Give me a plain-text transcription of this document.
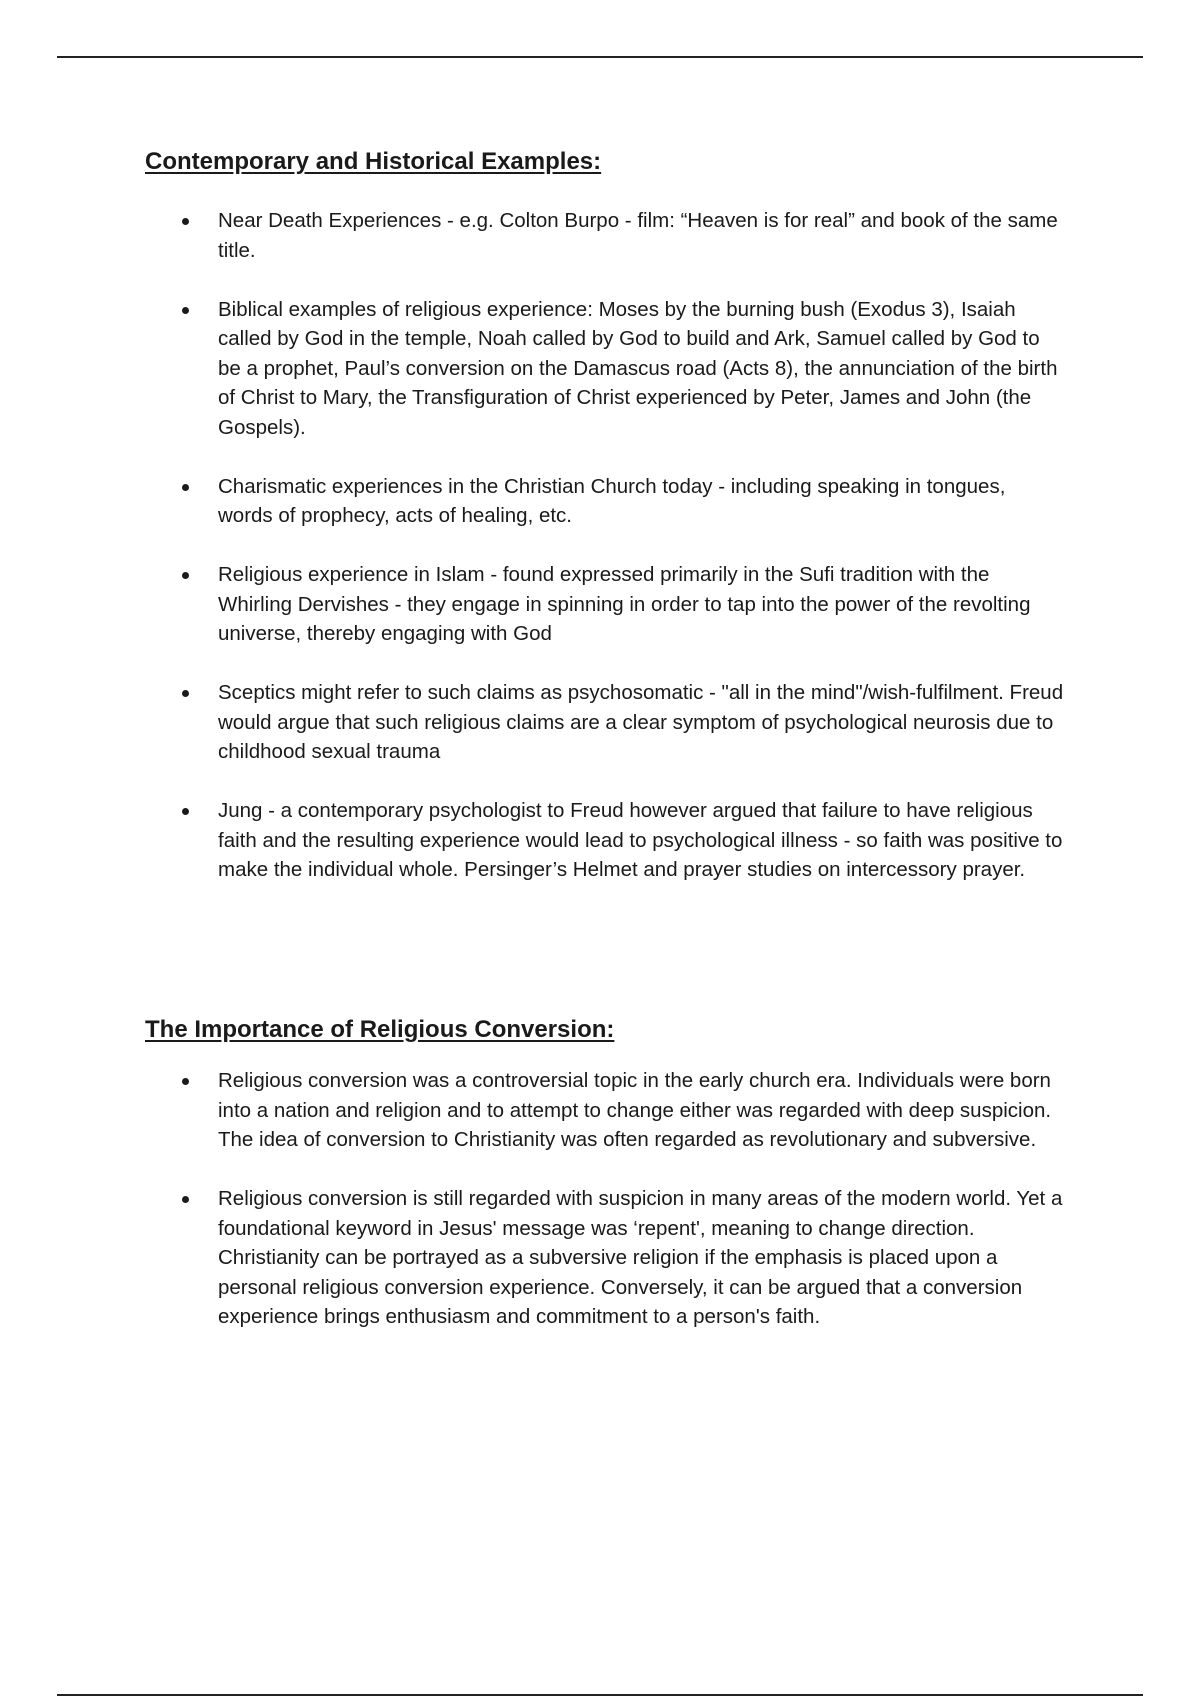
Contemporary and Historical Examples:
Near Death Experiences - e.g. Colton Burpo - film: “Heaven is for real” and book of the same title.
Biblical examples of religious experience: Moses by the burning bush (Exodus 3), Isaiah called by God in the temple, Noah called by God to build and Ark, Samuel called by God to be a prophet, Paul’s conversion on the Damascus road (Acts 8), the annunciation of the birth of Christ to Mary, the Transfiguration of Christ experienced by Peter, James and John (the Gospels).
Charismatic experiences in the Christian Church today - including speaking in tongues, words of prophecy, acts of healing, etc.
Religious experience in Islam - found expressed primarily in the Sufi tradition with the Whirling Dervishes - they engage in spinning in order to tap into the power of the revolting universe, thereby engaging with God
Sceptics might refer to such claims as psychosomatic - "all in the mind"/wish-fulfilment. Freud would argue that such religious claims are a clear symptom of psychological neurosis due to childhood sexual trauma
Jung - a contemporary psychologist to Freud however argued that failure to have religious faith and the resulting experience would lead to psychological illness - so faith was positive to make the individual whole. Persinger’s Helmet and prayer studies on intercessory prayer.
The Importance of Religious Conversion:
Religious conversion was a controversial topic in the early church era. Individuals were born into a nation and religion and to attempt to change either was regarded with deep suspicion. The idea of conversion to Christianity was often regarded as revolutionary and subversive.
Religious conversion is still regarded with suspicion in many areas of the modern world. Yet a foundational keyword in Jesus' message was ‘repent', meaning to change direction. Christianity can be portrayed as a subversive religion if the emphasis is placed upon a personal religious conversion experience. Conversely, it can be argued that a conversion experience brings enthusiasm and commitment to a person's faith.
